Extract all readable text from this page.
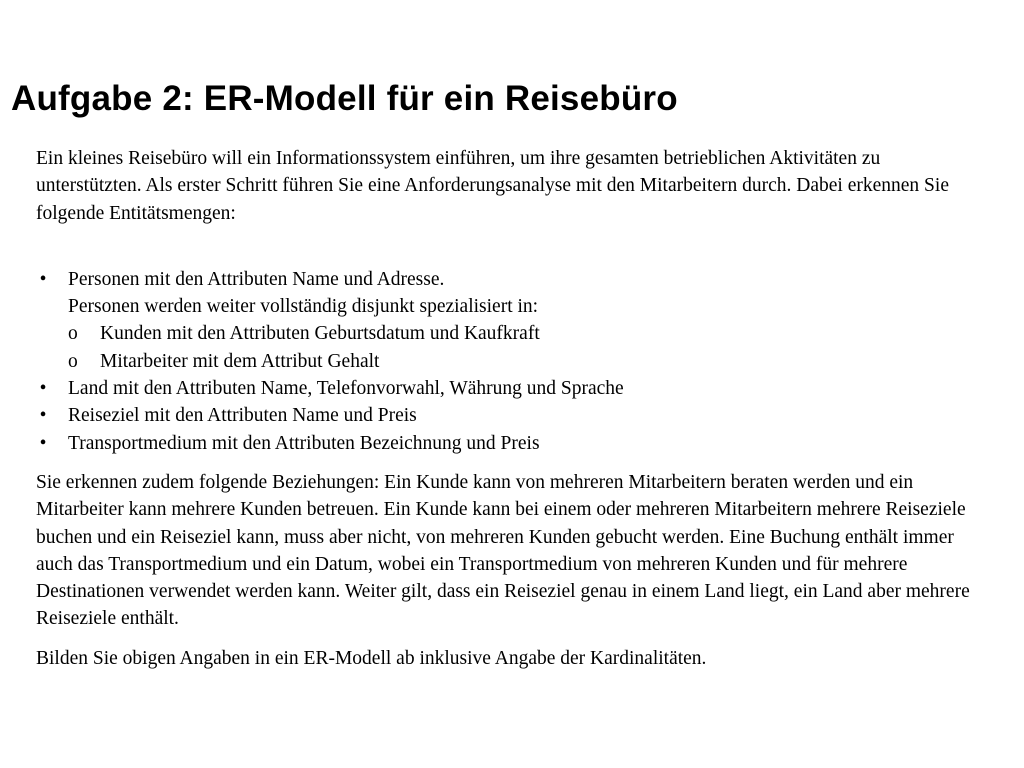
Aufgabe 2: ER-Modell für ein Reisebüro

Ein kleines Reisebüro will ein Informationssystem einführen, um ihre gesamten betrieblichen Aktivitäten zu unterstützten. Als erster Schritt führen Sie eine Anforderungsanalyse mit den Mitarbeitern durch. Dabei erkennen Sie folgende Entitätsmengen:

• Personen mit den Attributen Name und Adresse.
Personen werden weiter vollständig disjunkt spezialisiert in:
o Kunden mit den Attributen Geburtsdatum und Kaufkraft
o Mitarbeiter mit dem Attribut Gehalt
• Land mit den Attributen Name, Telefonvorwahl, Währung und Sprache
• Reiseziel mit den Attributen Name und Preis
• Transportmedium mit den Attributen Bezeichnung und Preis

Sie erkennen zudem folgende Beziehungen: Ein Kunde kann von mehreren Mitarbeitern beraten werden und ein Mitarbeiter kann mehrere Kunden betreuen. Ein Kunde kann bei einem oder mehreren Mitarbeitern mehrere Reiseziele buchen und ein Reiseziel kann, muss aber nicht, von mehreren Kunden gebucht werden. Eine Buchung enthält immer auch das Transportmedium und ein Datum, wobei ein Transportmedium von mehreren Kunden und für mehrere Destinationen verwendet werden kann. Weiter gilt, dass ein Reiseziel genau in einem Land liegt, ein Land aber mehrere Reiseziele enthält.

Bilden Sie obigen Angaben in ein ER-Modell ab inklusive Angabe der Kardinalitäten.
